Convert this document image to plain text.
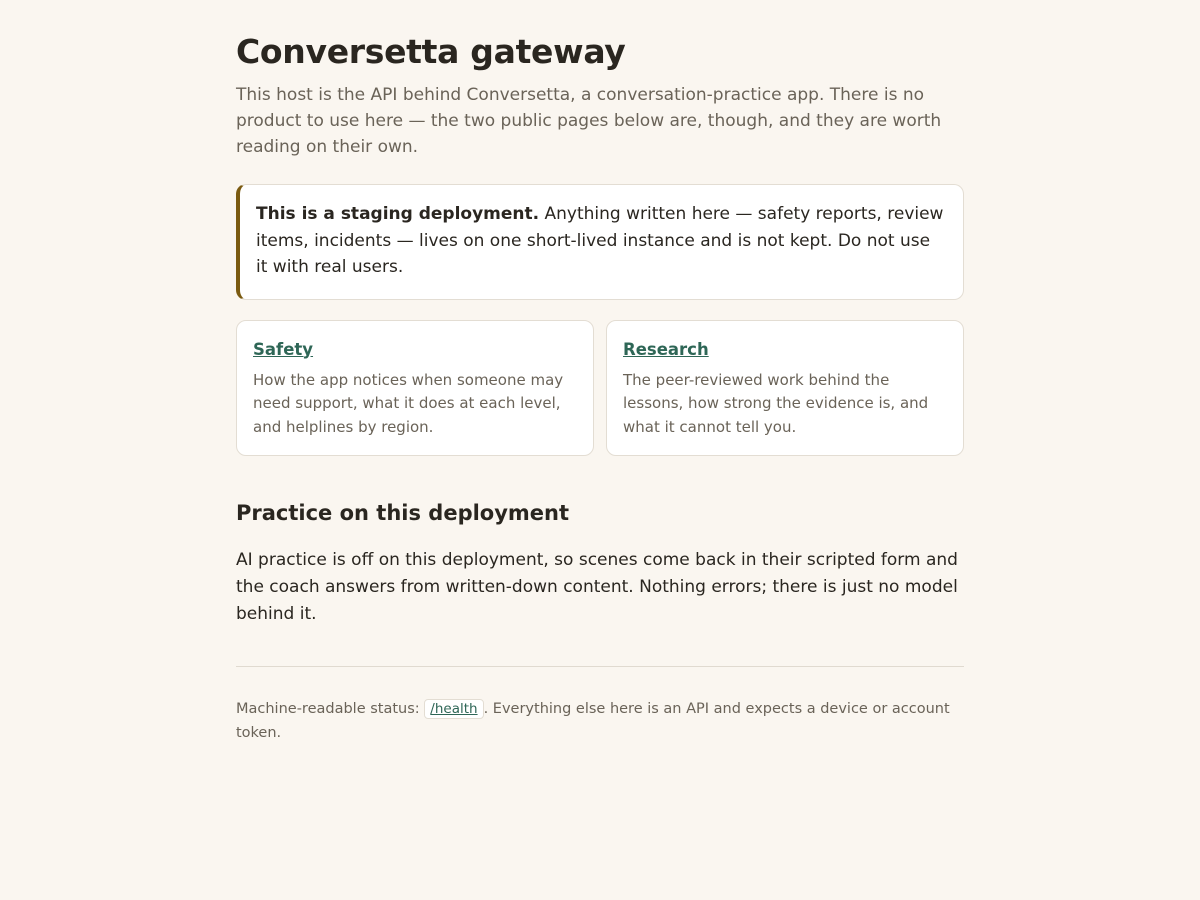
Conversetta gateway

This host is the API behind Conversetta, a conversation-practice app. There is no product to use here — the two public pages below are, though, and they are worth reading on their own.

This is a staging deployment. Anything written here — safety reports, review items, incidents — lives on one short-lived instance and is not kept. Do not use it with real users.
Safety

How the app notices when someone may need support, what it does at each level, and helplines by region.

Research

The peer-reviewed work behind the lessons, how strong the evidence is, and what it cannot tell you.

Practice on this deployment

AI practice is off on this deployment, so scenes come back in their scripted form and the coach answers from written-down content. Nothing errors; there is just no model behind it.

Machine-readable status: /health . Everything else here is an API and expects a device or account token.
